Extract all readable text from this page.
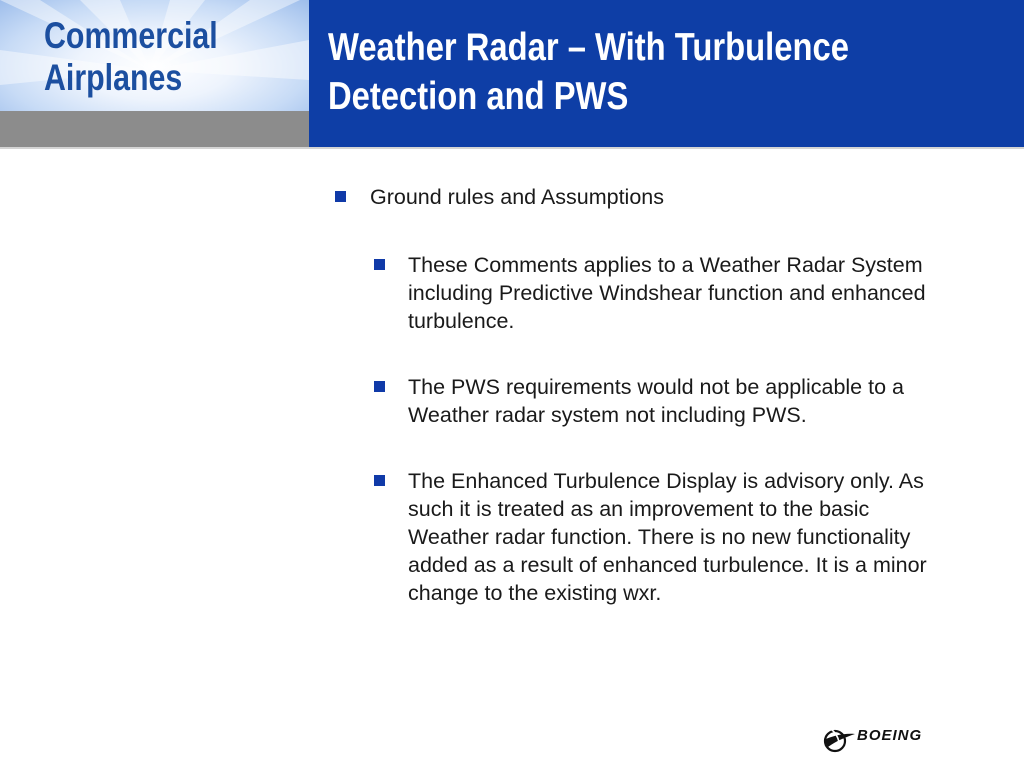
Commercial
Airplanes
Weather Radar – With Turbulence
Detection and PWS
Ground rules and Assumptions
These Comments applies to a Weather Radar System including Predictive Windshear function and enhanced turbulence.
The PWS requirements would not be applicable to a Weather radar system not including PWS.
The Enhanced Turbulence Display is advisory only. As such it is treated as an improvement to the basic Weather radar function. There is no new functionality added as a result of enhanced turbulence. It is a minor change to the existing wxr.
BOEING
